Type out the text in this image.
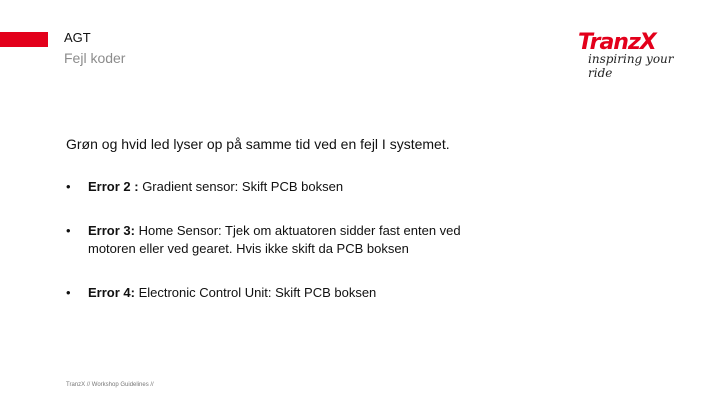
AGT
Fejl koder
TranzX
inspiring your ride
Grøn og hvid led lyser op på samme tid ved en fejl I systemet.
• Error 2 : Gradient sensor: Skift PCB boksen
• Error 3: Home Sensor: Tjek om aktuatoren sidder fast enten ved motoren eller ved gearet. Hvis ikke skift da PCB boksen
• Error 4: Electronic Control Unit: Skift PCB boksen
TranzX // Workshop Guidelines //
